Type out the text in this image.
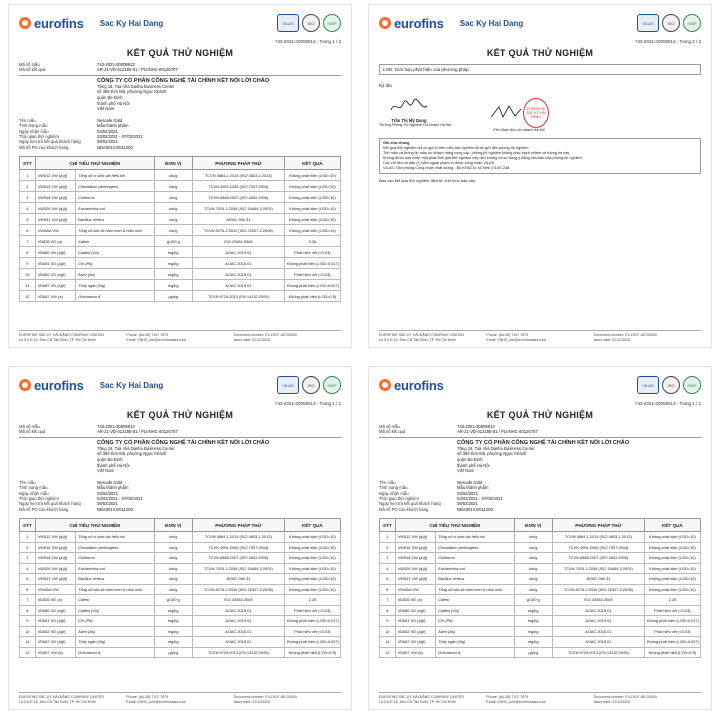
eurofins Sac Ky Hai Dang	VILAS	ISO	GMP
743-2021-00008913 - Trang 1 / 2
KẾT QUẢ THỬ NGHIỆM
Mã số mẫu	743-2021-00008913
Mã số kết quả	AR-21-VD-012155-01 / PLVNHC-00126707
CÔNG TY CỔ PHẦN CÔNG NGHỆ TÀI CHÍNH KẾT NỐI LỜI CHÀO
Tầng 18, Toà nhà Dasha Business Center
số 360 Kim Mã, phường Ngọc Khánh
quận Ba Đình
thành phố Hà Nội
Việt Nam
Tên mẫu	Nescafe Gold
Tình trạng mẫu	Mẫu thành phẩm
Ngày nhận mẫu	03/02/2021
Thời gian thử nghiệm	03/02/2021 - 07/02/2021
Ngày hẹn trả kết quả khách hàng	09/02/2021
Mã số PO của khách hàng	NDA001CO011200
STT	CHỈ TIÊU THỬ NGHIỆM		ĐƠN VỊ	PHƯƠNG PHÁP THỬ	KẾT QUẢ
1	VW512 VW (a)(f)	Tổng số vi sinh vật hiếu khí	cfu/g	TCVN 4884-1:2015 (ISO 4833-1:2013)	Không phát hiện (LOD=10)
2	VW515 VW (a)(f)	Clostridium perfringens	cfu/g	TCVN 4991:2005 (ISO 7937:2004)	Không phát hiện (LOD=10)
3	VW518 VW (a)(f)	Coliforms	cfu/g	TCVN 6848:2007 (ISO 4832:2006)	Không phát hiện (LOD=10)
4	VW526 VW (a)(f)	Escherichia coli	cfu/g	TCVN 7924-2:2008 (ISO 16649-2:2001)	Không phát hiện (LOD=10)
5	VW531 VW (a)(f)	Bacillus cereus	cfu/g	AOAC 980.31	Không phát hiện (LOD=10)
6	VWAAA VW	Tổng số bào tử nấm men & nấm mốc	cfu/g	TCVN 8275-2:2010 (ISO 21527-2:2008)	Không phát hiện (LOD=10)
7	VD826 VD (a)	Cafein	g/100 g	ISO 20481:2008	2.26
8	VD680 VD (a)(f)	Cadimi (Cd)	mg/kg	AOAC 2015.01	Phát hiện vết (<0.03)
9	VD681 VD (a)(f)	Chì (Pb)	mg/kg	AOAC 2015.01	Không phát hiện (LOD=0.017)
10	VD682 VD (a)(f)	Asen (As)	mg/kg	AOAC 2015.01	Phát hiện vết (<0.03)
11	VD687 VD (a)(f)	Thủy ngân (Hg)	mg/kg	AOAC 2015.01	Không phát hiện (LOD=0.007)
12	VD687 VW (a)	Ochratoxin A	µg/kg	TCVN 9724:2013 (EN 14132:2009)	Không phát hiện (LOD=0.5)
EUROFINS SẮC KÝ HẢI ĐĂNG COMPANY LIMITED
Lô 5.6 Đ.16, Khu CN Tân Bình, TP. Hồ Chí Minh
Phone: (84-28) 7107 7879
Email: VNHC_info@eurofinsasia.com
Document number: EV-DS-F-AR-00000
Issue date: 01/12/2020
eurofins Sac Ky Hai Dang	VILAS	ISO	GMP
743-2021-00008913 - Trang 2 / 2
KẾT QUẢ THỬ NGHIỆM
LOD: Giới hạn phát hiện của phương pháp
Ký tên
Trần Thị Mỹ Dung
Trưởng Phòng Thí Nghiệm Chi nhánh Hà Nội
EUROFINS SẮC KÝ HẢI ĐĂNG
Phó Giám đốc chi nhánh Hà Nội
Ghi chú chung
Kết quả thử nghiệm chỉ có giá trị trên mẫu thử nghiệm được gửi đến phòng thí nghiệm.
Tên mẫu và thông tin mẫu do khách hàng cung cấp, phòng thí nghiệm không chịu trách nhiệm về thông tin này.
Không được sao chép một phần kết quả thử nghiệm này nếu không có sự đồng ý bằng văn bản của phòng thí nghiệm.
Các chỉ tiêu có dấu (*) nằm ngoài phạm vi được công nhận VILAS.
VILAS: Văn phòng Công nhận chất lượng - Bộ KH&CN, số hiệu VILAS 238.
Báo cáo kết quả thử nghiệm điện tử. Kết thúc báo cáo.
EUROFINS SẮC KÝ HẢI ĐĂNG COMPANY LIMITED
Lô 5.6 Đ.16, Khu CN Tân Bình, TP. Hồ Chí Minh
Phone: (84-28) 7107 7879
Email: VNHC_info@eurofinsasia.com
Document number: EV-DS-F-AR-00000
Issue date: 01/12/2020
eurofins Sac Ky Hai Dang	VILAS	ISO	GMP
743-2021-00008913 - Trang 1 / 2
KẾT QUẢ THỬ NGHIỆM
Mã số mẫu	743-2021-00008913
Mã số kết quả	AR-21-VD-012155-01 / PLVNHC-00126707
CÔNG TY CỔ PHẦN CÔNG NGHỆ TÀI CHÍNH KẾT NỐI LỜI CHÀO
Tầng 18, Toà nhà Dasha Business Center
số 360 Kim Mã, phường Ngọc Khánh
quận Ba Đình
thành phố Hà Nội
Việt Nam
Tên mẫu	Nescafe Gold
Tình trạng mẫu	Mẫu thành phẩm
Ngày nhận mẫu	03/02/2021
Thời gian thử nghiệm	03/02/2021 - 07/02/2021
Ngày hẹn trả kết quả khách hàng	09/02/2021
Mã số PO của khách hàng	NDA001CO011200
STT	CHỈ TIÊU THỬ NGHIỆM		ĐƠN VỊ	PHƯƠNG PHÁP THỬ	KẾT QUẢ
1	VW512 VW (a)(f)	Tổng số vi sinh vật hiếu khí	cfu/g	TCVN 4884-1:2015 (ISO 4833-1:2013)	Không phát hiện (LOD=10)
2	VW515 VW (a)(f)	Clostridium perfringens	cfu/g	TCVN 4991:2005 (ISO 7937:2004)	Không phát hiện (LOD=10)
3	VW518 VW (a)(f)	Coliforms	cfu/g	TCVN 6848:2007 (ISO 4832:2006)	Không phát hiện (LOD=10)
4	VW526 VW (a)(f)	Escherichia coli	cfu/g	TCVN 7924-2:2008 (ISO 16649-2:2001)	Không phát hiện (LOD=10)
5	VW531 VW (a)(f)	Bacillus cereus	cfu/g	AOAC 980.31	Không phát hiện (LOD=10)
6	VWAAA VW	Tổng số bào tử nấm men & nấm mốc	cfu/g	TCVN 8275-2:2010 (ISO 21527-2:2008)	Không phát hiện (LOD=10)
7	VD826 VD (a)	Cafein	g/100 g	ISO 20481:2008	2.26
8	VD680 VD (a)(f)	Cadimi (Cd)	mg/kg	AOAC 2015.01	Phát hiện vết (<0.03)
9	VD681 VD (a)(f)	Chì (Pb)	mg/kg	AOAC 2015.01	Không phát hiện (LOD=0.017)
10	VD682 VD (a)(f)	Asen (As)	mg/kg	AOAC 2015.01	Phát hiện vết (<0.03)
11	VD687 VD (a)(f)	Thủy ngân (Hg)	mg/kg	AOAC 2015.01	Không phát hiện (LOD=0.007)
12	VD687 VW (a)	Ochratoxin A	µg/kg	TCVN 9724:2013 (EN 14132:2009)	Không phát hiện (LOD=0.5)
EUROFINS SẮC KÝ HẢI ĐĂNG COMPANY LIMITED
Lô 5.6 Đ.16, Khu CN Tân Bình, TP. Hồ Chí Minh
Phone: (84-28) 7107 7879
Email: VNHC_info@eurofinsasia.com
Document number: EV-DS-F-AR-00000
Issue date: 01/12/2020
eurofins	VILAS	ISO	GMP
743-2021-00008913 - Trang 1 / 2
KẾT QUẢ THỬ NGHIỆM
Mã số mẫu	743-2021-00008913
Mã số kết quả	AR-21-VD-012155-01 / PLVNHC-00126707
CÔNG TY CỔ PHẦN CÔNG NGHỆ TÀI CHÍNH KẾT NỐI LỜI CHÀO
Tầng 18, Toà nhà Dasha Business Center
số 360 Kim Mã, phường Ngọc Khánh
quận Ba Đình
thành phố Hà Nội
Việt Nam
Tên mẫu	Nescafe Gold
Tình trạng mẫu	Mẫu thành phẩm
Ngày nhận mẫu	03/02/2021
Thời gian thử nghiệm	03/02/2021 - 07/02/2021
Ngày hẹn trả kết quả khách hàng	09/02/2021
Mã số PO của khách hàng	NDA001CO011200
STT	CHỈ TIÊU THỬ NGHIỆM		ĐƠN VỊ	PHƯƠNG PHÁP THỬ	KẾT QUẢ
1	VW512 VW (a)(f)	Tổng số vi sinh vật hiếu khí	cfu/g	TCVN 4884-1:2015 (ISO 4833-1:2013)	Không phát hiện (LOD=10)
2	VW515 VW (a)(f)	Clostridium perfringens	cfu/g	TCVN 4991:2005 (ISO 7937:2004)	Không phát hiện (LOD=10)
3	VW518 VW (a)(f)	Coliforms	cfu/g	TCVN 6848:2007 (ISO 4832:2006)	Không phát hiện (LOD=10)
4	VW526 VW (a)(f)	Escherichia coli	cfu/g	TCVN 7924-2:2008 (ISO 16649-2:2001)	Không phát hiện (LOD=10)
5	VW531 VW (a)(f)	Bacillus cereus	cfu/g	AOAC 980.31	Không phát hiện (LOD=10)
6	VWAAA VW	Tổng số bào tử nấm men & nấm mốc	cfu/g	TCVN 8275-2:2010 (ISO 21527-2:2008)	Không phát hiện (LOD=10)
7	VD826 VD (a)	Cafein	g/100 g	ISO 20481:2008	2.26
8	VD680 VD (a)(f)	Cadimi (Cd)	mg/kg	AOAC 2015.01	Phát hiện vết (<0.03)
9	VD681 VD (a)(f)	Chì (Pb)	mg/kg	AOAC 2015.01	Không phát hiện (LOD=0.017)
10	VD682 VD (a)(f)	Asen (As)	mg/kg	AOAC 2015.01	Phát hiện vết (<0.03)
11	VD687 VD (a)(f)	Thủy ngân (Hg)	mg/kg	AOAC 2015.01	Không phát hiện (LOD=0.007)
12	VD687 VW (a)	Ochratoxin A	µg/kg	TCVN 9724:2013 (EN 14132:2009)	Không phát hiện (LOD=0.5)
EUROFINS SẮC KÝ HẢI ĐĂNG COMPANY LIMITED
Lô 5.6 Đ.16, Khu CN Tân Bình, TP. Hồ Chí Minh
Phone: (84-28) 7107 7879
Email: VNHC_info@eurofinsasia.com
Document number: EV-DS-F-AR-00000
Issue date: 01/12/2020
